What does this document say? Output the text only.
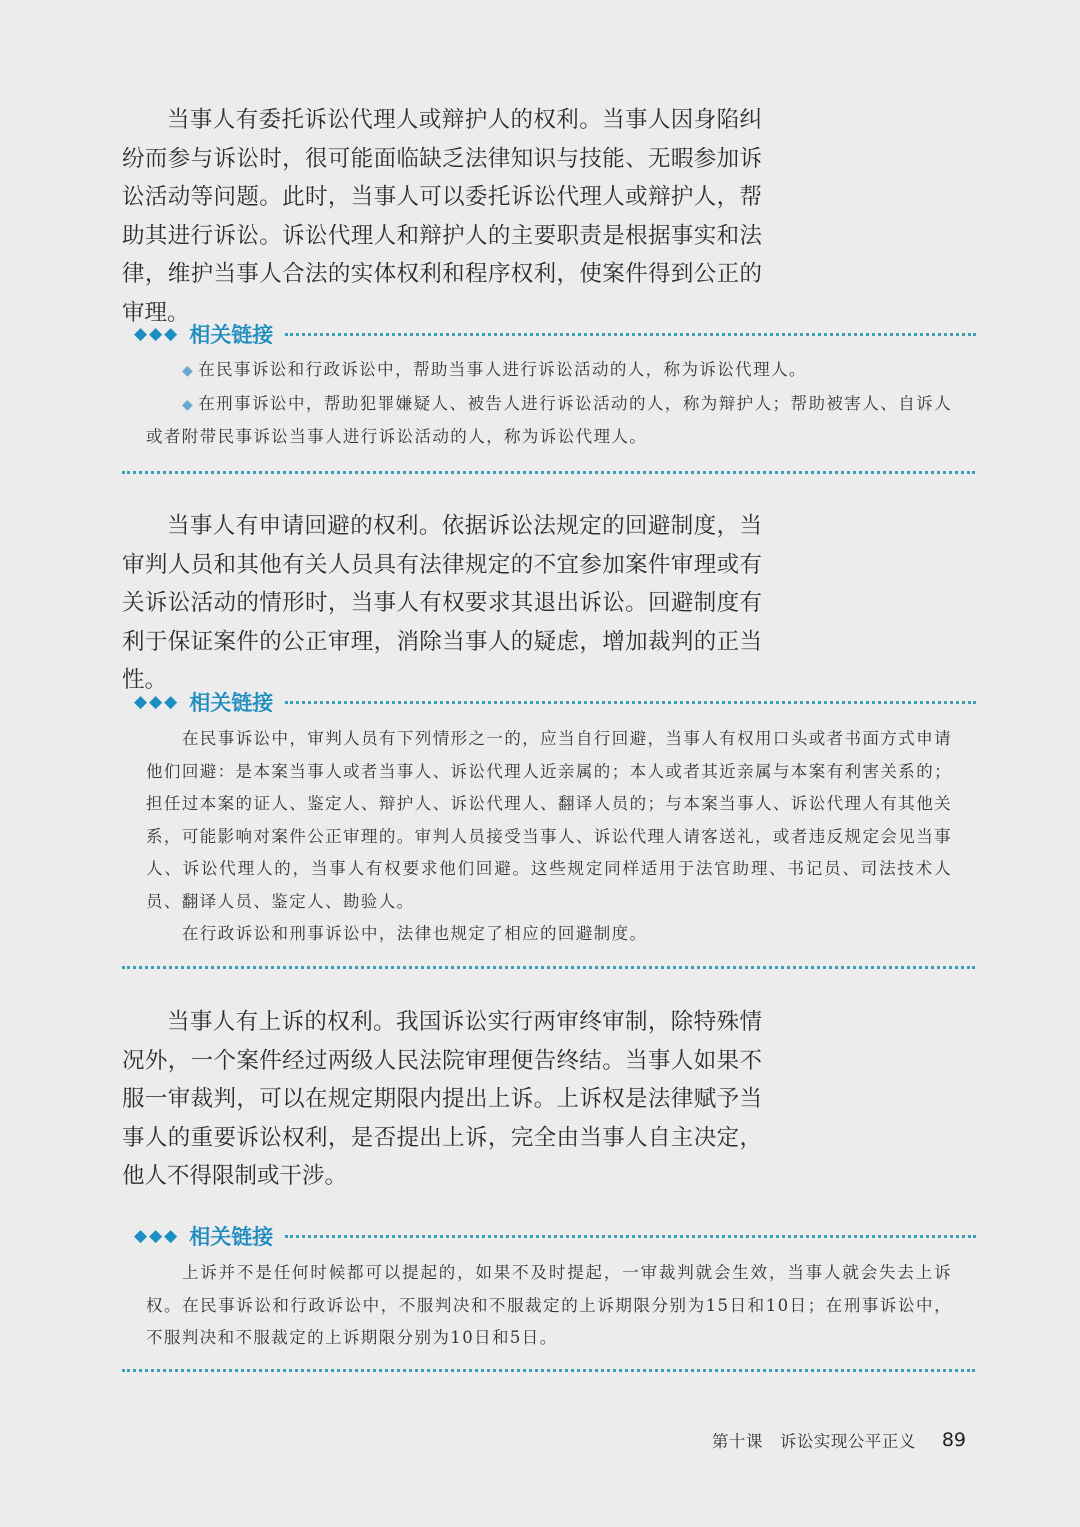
当事人有委托诉讼代理人或辩护人的权利。当事人因身陷纠纷而参与诉讼时，很可能面临缺乏法律知识与技能、无暇参加诉讼活动等问题。此时，当事人可以委托诉讼代理人或辩护人，帮助其进行诉讼。诉讼代理人和辩护人的主要职责是根据事实和法律，维护当事人合法的实体权利和程序权利，使案件得到公正的审理。

◆◆◆ 相关链接

◆ 在民事诉讼和行政诉讼中，帮助当事人进行诉讼活动的人，称为诉讼代理人。

◆ 在刑事诉讼中，帮助犯罪嫌疑人、被告人进行诉讼活动的人，称为辩护人；帮助被害人、自诉人或者附带民事诉讼当事人进行诉讼活动的人，称为诉讼代理人。

当事人有申请回避的权利。依据诉讼法规定的回避制度，当审判人员和其他有关人员具有法律规定的不宜参加案件审理或有关诉讼活动的情形时，当事人有权要求其退出诉讼。回避制度有利于保证案件的公正审理，消除当事人的疑虑，增加裁判的正当性。

◆◆◆ 相关链接

在民事诉讼中，审判人员有下列情形之一的，应当自行回避，当事人有权用口头或者书面方式申请他们回避：是本案当事人或者当事人、诉讼代理人近亲属的；本人或者其近亲属与本案有利害关系的；担任过本案的证人、鉴定人、辩护人、诉讼代理人、翻译人员的；与本案当事人、诉讼代理人有其他关系，可能影响对案件公正审理的。审判人员接受当事人、诉讼代理人请客送礼，或者违反规定会见当事人、诉讼代理人的，当事人有权要求他们回避。这些规定同样适用于法官助理、书记员、司法技术人员、翻译人员、鉴定人、勘验人。

在行政诉讼和刑事诉讼中，法律也规定了相应的回避制度。

当事人有上诉的权利。我国诉讼实行两审终审制，除特殊情况外，一个案件经过两级人民法院审理便告终结。当事人如果不服一审裁判，可以在规定期限内提出上诉。上诉权是法律赋予当事人的重要诉讼权利，是否提出上诉，完全由当事人自主决定，他人不得限制或干涉。

◆◆◆ 相关链接

上诉并不是任何时候都可以提起的，如果不及时提起，一审裁判就会生效，当事人就会失去上诉权。在民事诉讼和行政诉讼中，不服判决和不服裁定的上诉期限分别为15日和10日；在刑事诉讼中，不服判决和不服裁定的上诉期限分别为10日和5日。

第十课　诉讼实现公平正义 89
